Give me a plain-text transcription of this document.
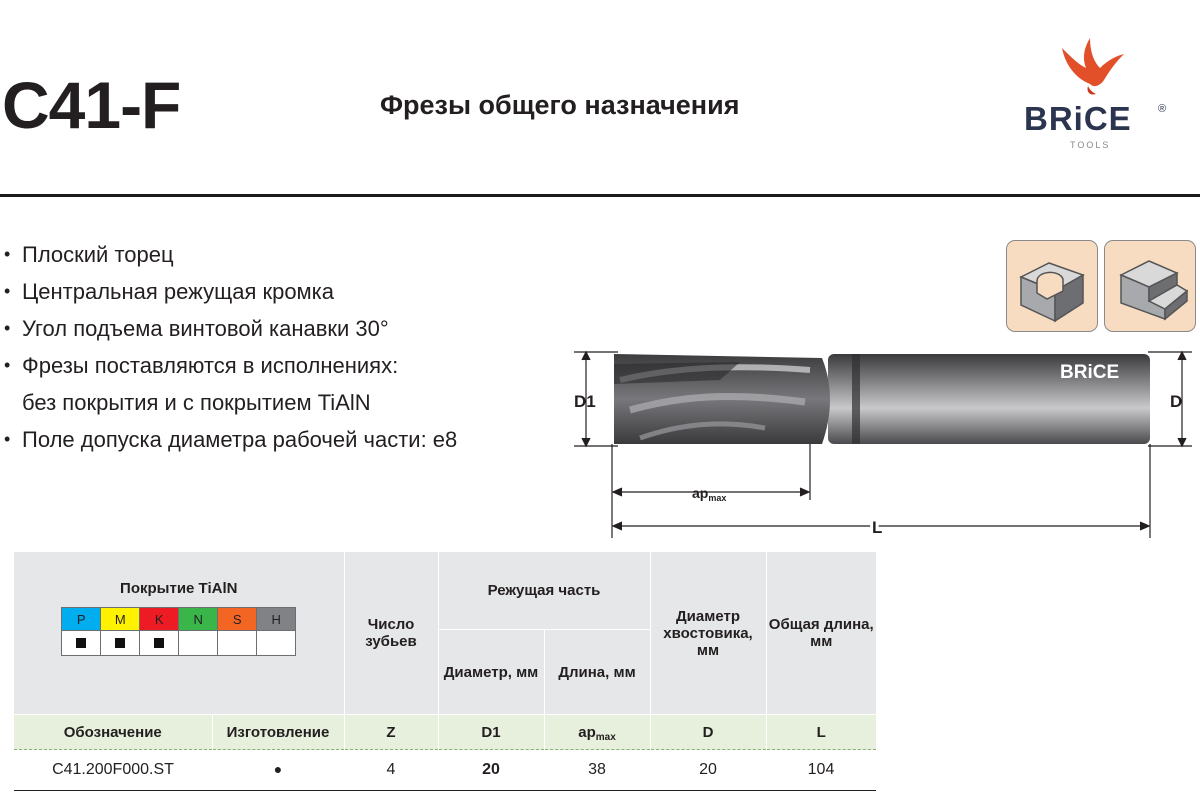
C41-F	Фрезы общего назначения	BRiCE ®
TOOLS
• Плоский торец
• Центральная режущая кромка
• Угол подъема винтовой канавки 30°
• Фрезы поставляются в исполнениях:
без покрытия и с покрытием TiAlN
• Поле допуска диаметра рабочей части: e8
BRiCE
D1	D
$ap_{max}$
L
Покрытие TiAlN
P	M	K	N	S	H

		Число зубьев	Режущая часть	Диаметр хвостовика, мм	Общая длина, мм
Диаметр, мм	Длина, мм
Обозначение	Изготовление	Z	D1	$ap_{max}$	D	L
C41.200F000.ST	●	4	20	38	20	104
